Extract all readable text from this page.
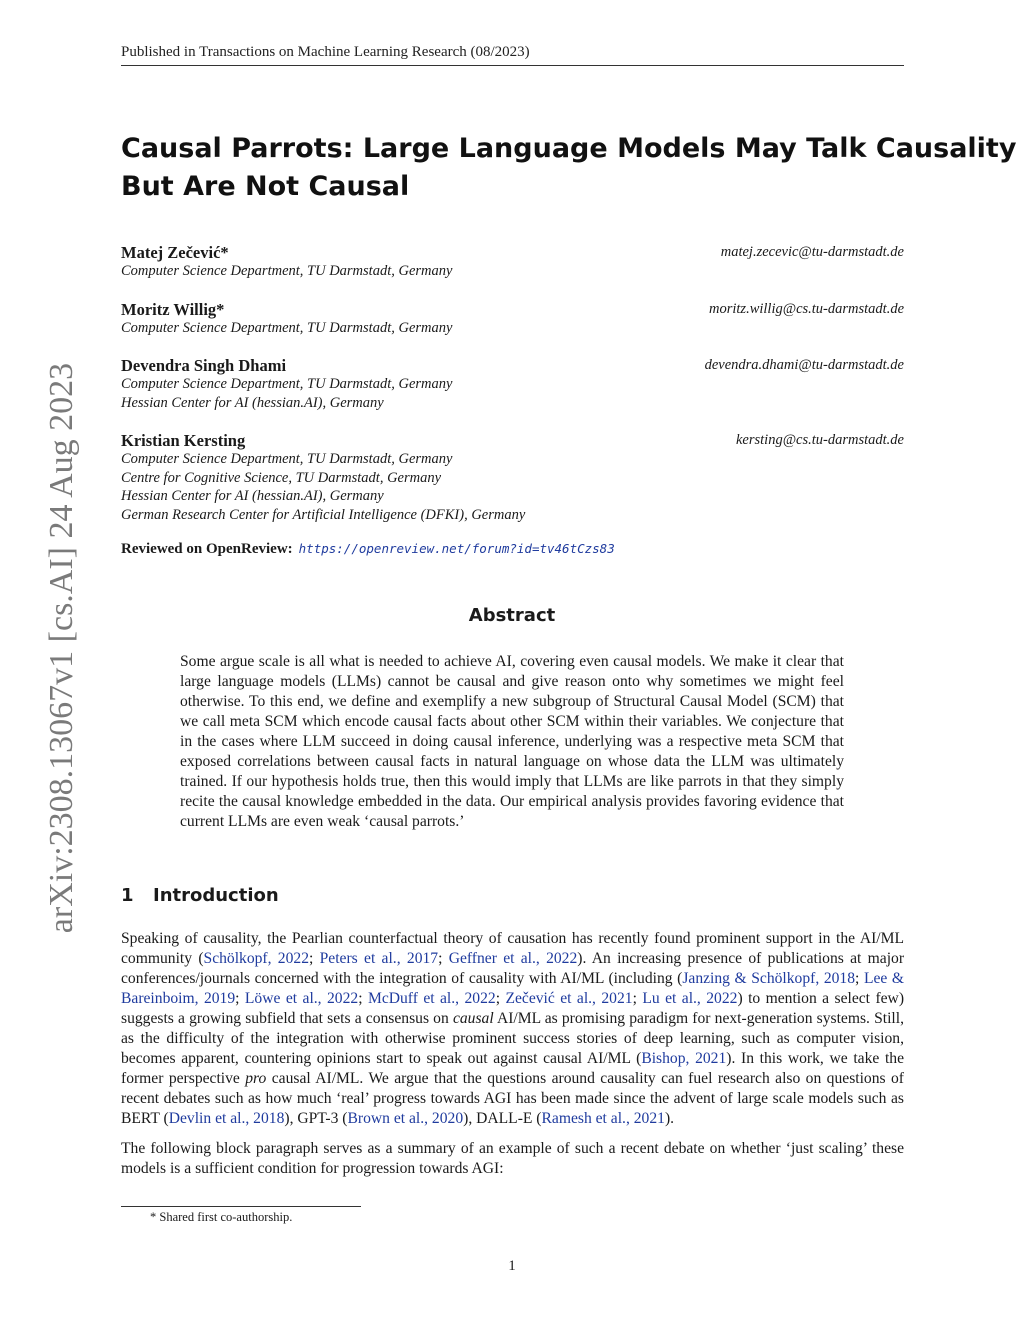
Published in Transactions on Machine Learning Research (08/2023)
arXiv:2308.13067v1 [cs.AI] 24 Aug 2023
Causal Parrots: Large Language Models May Talk Causality
But Are Not Causal
Matej Zečević*	matej.zecevic@tu-darmstadt.de
Computer Science Department, TU Darmstadt, Germany
Moritz Willig*	moritz.willig@cs.tu-darmstadt.de
Computer Science Department, TU Darmstadt, Germany
Devendra Singh Dhami	devendra.dhami@tu-darmstadt.de
Computer Science Department, TU Darmstadt, Germany
Hessian Center for AI (hessian.AI), Germany
Kristian Kersting	kersting@cs.tu-darmstadt.de
Computer Science Department, TU Darmstadt, Germany
Centre for Cognitive Science, TU Darmstadt, Germany
Hessian Center for AI (hessian.AI), Germany
German Research Center for Artificial Intelligence (DFKI), Germany
Reviewed on OpenReview: https://openreview.net/forum?id=tv46tCzs83
Abstract
Some argue scale is all what is needed to achieve AI, covering even causal models. We make it clear that large language models (LLMs) cannot be causal and give reason onto why sometimes we might feel otherwise. To this end, we define and exemplify a new subgroup of Structural Causal Model (SCM) that we call meta SCM which encode causal facts about other SCM within their variables. We conjecture that in the cases where LLM succeed in doing causal inference, underlying was a respective meta SCM that exposed correlations between causal facts in natural language on whose data the LLM was ultimately trained. If our hypothesis holds true, then this would imply that LLMs are like parrots in that they simply recite the causal knowledge embedded in the data. Our empirical analysis provides favoring evidence that current LLMs are even weak ‘causal parrots.’
1 Introduction

Speaking of causality, the Pearlian counterfactual theory of causation has recently found prominent support in the AI/ML community (Schölkopf, 2022; Peters et al., 2017; Geffner et al., 2022). An increasing presence of publications at major conferences/journals concerned with the integration of causality with AI/ML (including (Janzing & Schölkopf, 2018; Lee & Bareinboim, 2019; Löwe et al., 2022; McDuff et al., 2022; Zečević et al., 2021; Lu et al., 2022) to mention a select few) suggests a growing subfield that sets a consensus on causal AI/ML as promising paradigm for next-generation systems. Still, as the difficulty of the integration with otherwise prominent success stories of deep learning, such as computer vision, becomes apparent, countering opinions start to speak out against causal AI/ML (Bishop, 2021). In this work, we take the former perspective pro causal AI/ML. We argue that the questions around causality can fuel research also on questions of recent debates such as how much ‘real’ progress towards AGI has been made since the advent of large scale models such as BERT (Devlin et al., 2018), GPT-3 (Brown et al., 2020), DALL-E (Ramesh et al., 2021).

The following block paragraph serves as a summary of an example of such a recent debate on whether ‘just scaling’ these models is a sufficient condition for progression towards AGI:

* Shared first co-authorship.
1
